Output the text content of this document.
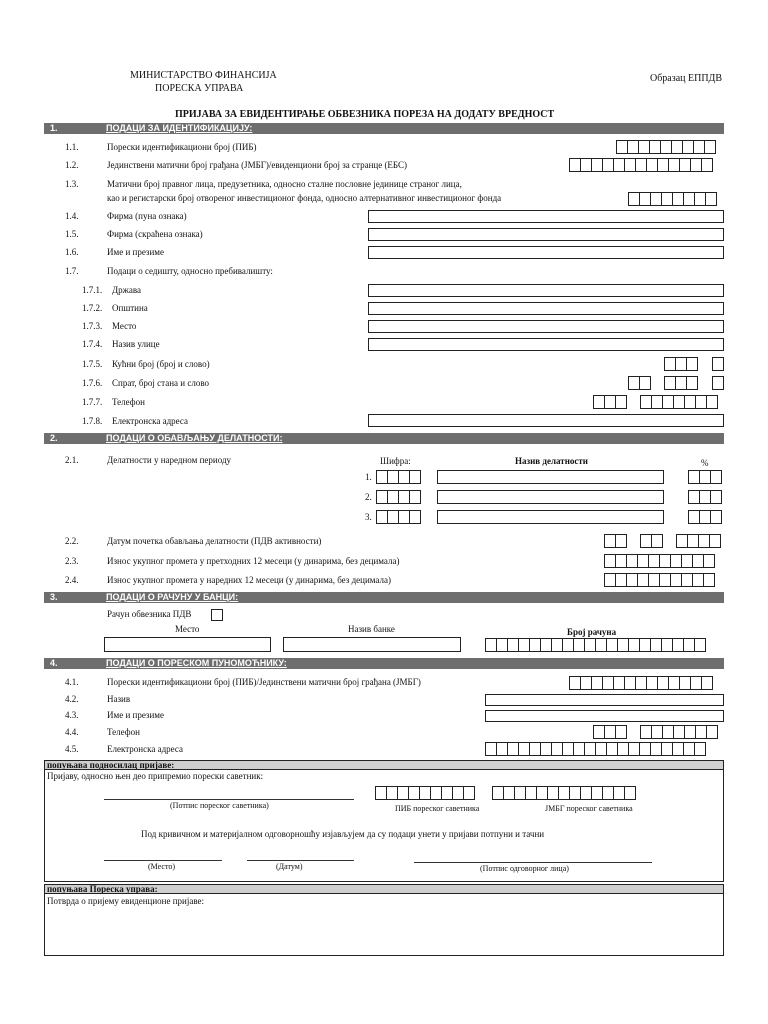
МИНИСТАРСТВО ФИНАНСИЈА
ПОРЕСКА УПРАВА
Образац ЕППДВ
ПРИЈАВА ЗА ЕВИДЕНТИРАЊЕ ОБВЕЗНИКА ПОРЕЗА НА ДОДАТУ ВРЕДНОСТ
1.	ПОДАЦИ ЗА ИДЕНТИФИКАЦИЈУ:
1.1.	Порески идентификациони број (ПИБ)
1.2.	Јединствени матични број грађана (ЈМБГ)/евиденциони број за странце (ЕБС)
1.3.	Матични број правног лица, предузетника, односно сталне пословне јединице страног лица,
као и регистарски број отвореног инвестиционог фонда, односно алтернативног инвестиционог фонда
1.4.	Фирма (пуна ознака)
1.5.	Фирма (скраћена ознака)
1.6.	Име и презиме
1.7.	Подаци о седишту, односно пребивалишту:
1.7.1. Држава
1.7.2. Општина
1.7.3. Место
1.7.4. Назив улице
1.7.5. Кућни број (број и слово)
1.7.6. Спрат, број стана и слово
1.7.7. Телефон
1.7.8. Електронска адреса
2.	ПОДАЦИ О ОБАВЉАЊУ ДЕЛАТНОСТИ:
2.1.	Делатности у наредном периоду	Шифра:	Назив делатности	%
1.
2.
3.
2.2.	Датум почетка обављања делатности (ПДВ активности)
2.3.	Износ укупног промета у претходних 12 месеци (у динарима, без децимала)
2.4.	Износ укупног промета у наредних 12 месеци (у динарима, без децимала)
3.	ПОДАЦИ О РАЧУНУ У БАНЦИ:
Рачун обвезника ПДВ
Место	Назив банке	Број рачуна
4.	ПОДАЦИ О ПОРЕСКОМ ПУНОМОЋНИКУ:
4.1.	Порески идентификациони број (ПИБ)/Јединствени матични број грађана (ЈМБГ)
4.2.	Назив
4.3.	Име и презиме
4.4.	Телефон
4.5.	Електронска адреса
попуњава подносилац пријаве:
Пријаву, односно њен део припремио порески саветник:
(Потпис пореског саветника)	ПИБ пореског саветника	ЈМБГ пореског саветника
Под кривичном и материјалном одговорношћу изјављујем да су подаци унети у пријави потпуни и тачни
(Место)	(Датум)	(Потпис одговорног лица)
попуњава Пореска управа:
Потврда о пријему евиденционе пријаве:
